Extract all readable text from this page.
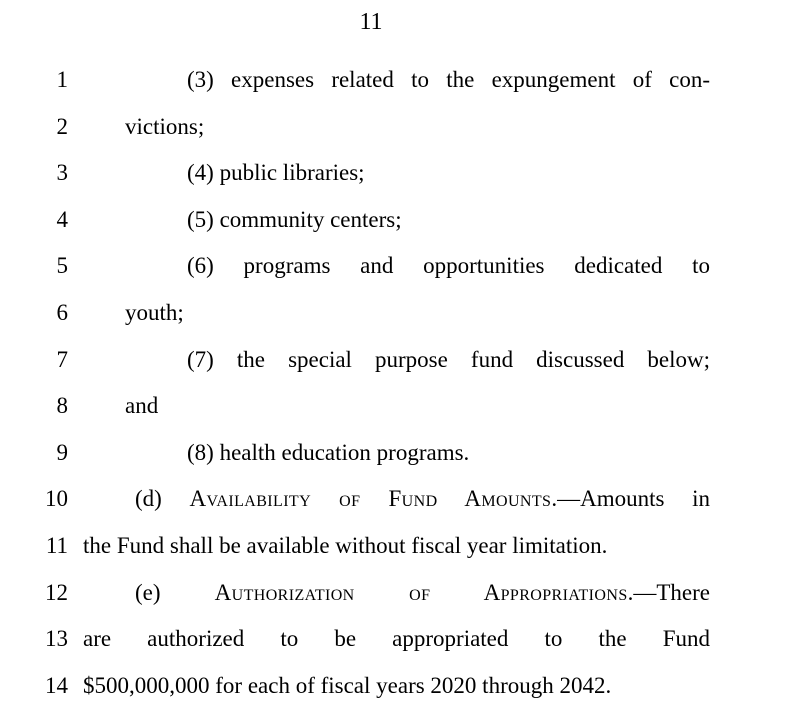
11
1	(3) expenses related to the expungement of con-
2	victions;
3	(4) public libraries;
4	(5) community centers;
5	(6) programs and opportunities dedicated to
6	youth;
7	(7) the special purpose fund discussed below;
8	and
9	(8) health education programs.
10	(d) Availability of Fund Amounts.—Amounts in
11 the Fund shall be available without fiscal year limitation.
12	(e) Authorization of Appropriations.—There
13 are authorized to be appropriated to the Fund
14 $500,000,000 for each of fiscal years 2020 through 2042.
